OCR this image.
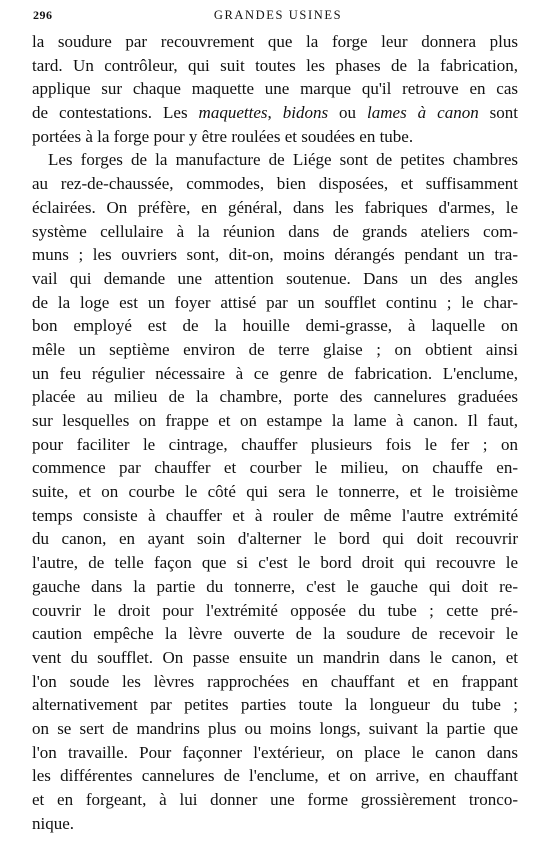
296	GRANDES USINES
la soudure par recouvrement que la forge leur donnera plus
tard. Un contrôleur, qui suit toutes les phases de la fabrication,
applique sur chaque maquette une marque qu'il retrouve en cas
de contestations. Les maquettes, bidons ou lames à canon sont
portées à la forge pour y être roulées et soudées en tube.
Les forges de la manufacture de Liége sont de petites chambres
au rez-de-chaussée, commodes, bien disposées, et suffisamment
éclairées. On préfère, en général, dans les fabriques d'armes, le
système cellulaire à la réunion dans de grands ateliers com-
muns ; les ouvriers sont, dit-on, moins dérangés pendant un tra-
vail qui demande une attention soutenue. Dans un des angles
de la loge est un foyer attisé par un soufflet continu ; le char-
bon employé est de la houille demi-grasse, à laquelle on
mêle un septième environ de terre glaise ; on obtient ainsi
un feu régulier nécessaire à ce genre de fabrication. L'enclume,
placée au milieu de la chambre, porte des cannelures graduées
sur lesquelles on frappe et on estampe la lame à canon. Il faut,
pour faciliter le cintrage, chauffer plusieurs fois le fer ; on
commence par chauffer et courber le milieu, on chauffe en-
suite, et on courbe le côté qui sera le tonnerre, et le troisième
temps consiste à chauffer et à rouler de même l'autre extrémité
du canon, en ayant soin d'alterner le bord qui doit recouvrir
l'autre, de telle façon que si c'est le bord droit qui recouvre le
gauche dans la partie du tonnerre, c'est le gauche qui doit re-
couvrir le droit pour l'extrémité opposée du tube ; cette pré-
caution empêche la lèvre ouverte de la soudure de recevoir le
vent du soufflet. On passe ensuite un mandrin dans le canon, et
l'on soude les lèvres rapprochées en chauffant et en frappant
alternativement par petites parties toute la longueur du tube ;
on se sert de mandrins plus ou moins longs, suivant la partie que
l'on travaille. Pour façonner l'extérieur, on place le canon dans
les différentes cannelures de l'enclume, et on arrive, en chauffant
et en forgeant, à lui donner une forme grossièrement tronco-
nique.
